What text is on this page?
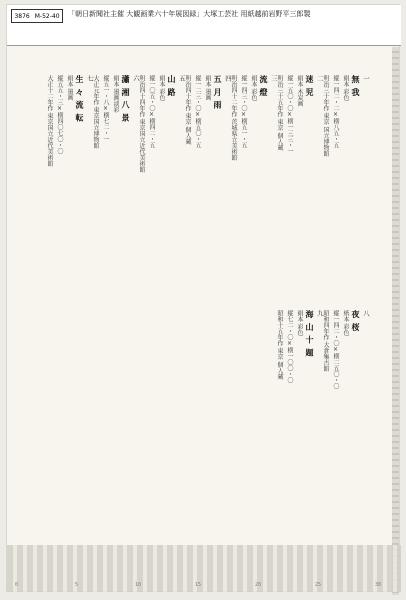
3876 M-52-40 「朝日新聞社主催 大観画業六十年展図録」大塚工芸社 用紙越前岩野平三郎製
一
無 我
絹本 彩色
縦一四二・二×横八五・五
明治三十年作 東京 国立博物館
二
迷 児
絹本 木炭画
縦一五〇・〇×横一三三・一
明治三十五年作 東京 個人蔵
三
流 燈
絹本 彩色
縦一四三・〇×横五一・五
明治四十二年作 茨城県立美術館
四
五 月 雨
絹本 墨画
縦一二三・〇×横五〇・五
明治四十年作 東京 個人蔵
五
山 路
絹本 彩色
縦一〇五・〇×横四二・五
明治四十四年作 東京国立近代美術館
六
瀟 湘 八 景
絹本 墨画淡彩
縦五一・八×横七二・一
大正元年作 東京国立博物館
七
生 々 流 転
絹本 墨画
縦五五・三×横四〇七〇・〇
大正十二年作 東京国立近代美術館
八
夜 桜
紙本 彩色
縦一四二・〇×横二五〇・〇
昭和四年作 大倉集古館
九
海 山 十 題
絹本 彩色
縦七二・〇×横一〇〇・〇
昭和十五年作 東京 個人蔵
0	5	10	15	20	25	30
